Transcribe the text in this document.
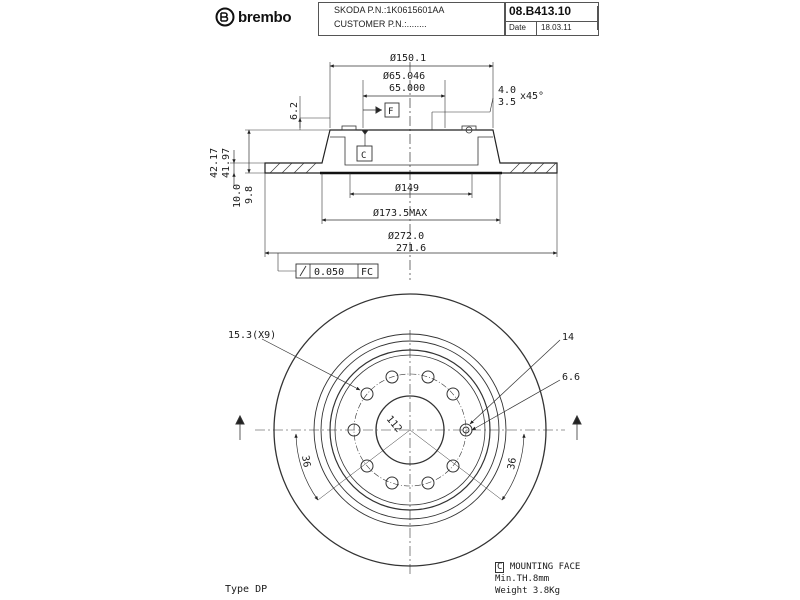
brembo	SKODA P.N.:1K0615601AA
CUSTOMER P.N.:........
08.B413.10
Date 18.03.11
Ø150.1
Ø65.046
65.000	4.0
3.5
x45°
6.2	F
C
42.17 41.97
10.0 9.8	Ø149
Ø173.5MAX
Ø272.0
271.6
0.050 FC
15.3(X9)	14
6.6
112
36	36
Type DP
C MOUNTING FACE
Min.TH.8mm
Weight 3.8Kg
